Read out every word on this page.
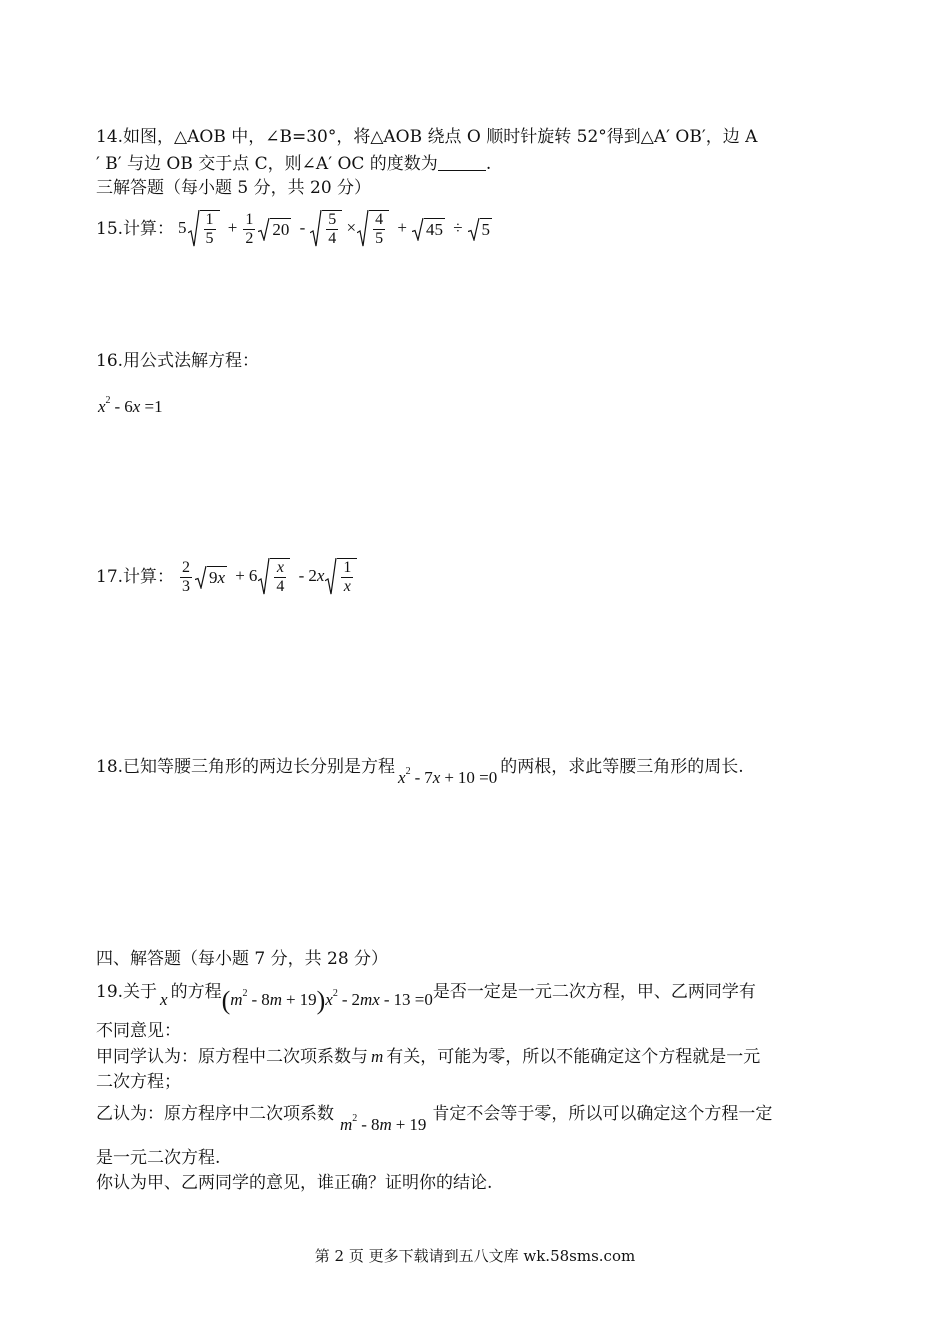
14.如图，△AOB 中，∠B=30°，将△AOB 绕点 O 顺时针旋转 52°得到△A′ OB′，边 A
′ B′ 与边 OB 交于点 C，则∠A′ OC 的度数为	.
三解答题（每小题 5 分，共 20 分）
15.计算： $5 \frac{1}{5} + \frac{1}{2} 20 - \frac{5}{4} \times \frac{4}{5} + 45 \div 5$
16.用公式法解方程：
$x^2 - 6x =1$
17.计算： $\frac{2}{3} 9x + 6 \frac{x}{4} - 2x \frac{1}{x}$
18.已知等腰三角形的两边长分别是方程$x^2 - 7x + 10 =0$的两根，求此等腰三角形的周长.
四、解答题（每小题 7 分，共 28 分）
19.关于 x 的方程$(m^2 - 8m + 19)x^2 - 2mx - 13 =0$是否一定是一元二次方程，甲、乙两同学有
不同意见：
甲同学认为：原方程中二次项系数与 m 有关，可能为零，所以不能确定这个方程就是一元
二次方程；
乙认为：原方程序中二次项系数$m^2 - 8m + 19$肯定不会等于零，所以可以确定这个方程一定
是一元二次方程.
你认为甲、乙两同学的意见，谁正确？证明你的结论.
第 2 页 更多下载请到五八文库 wk.58sms.com
